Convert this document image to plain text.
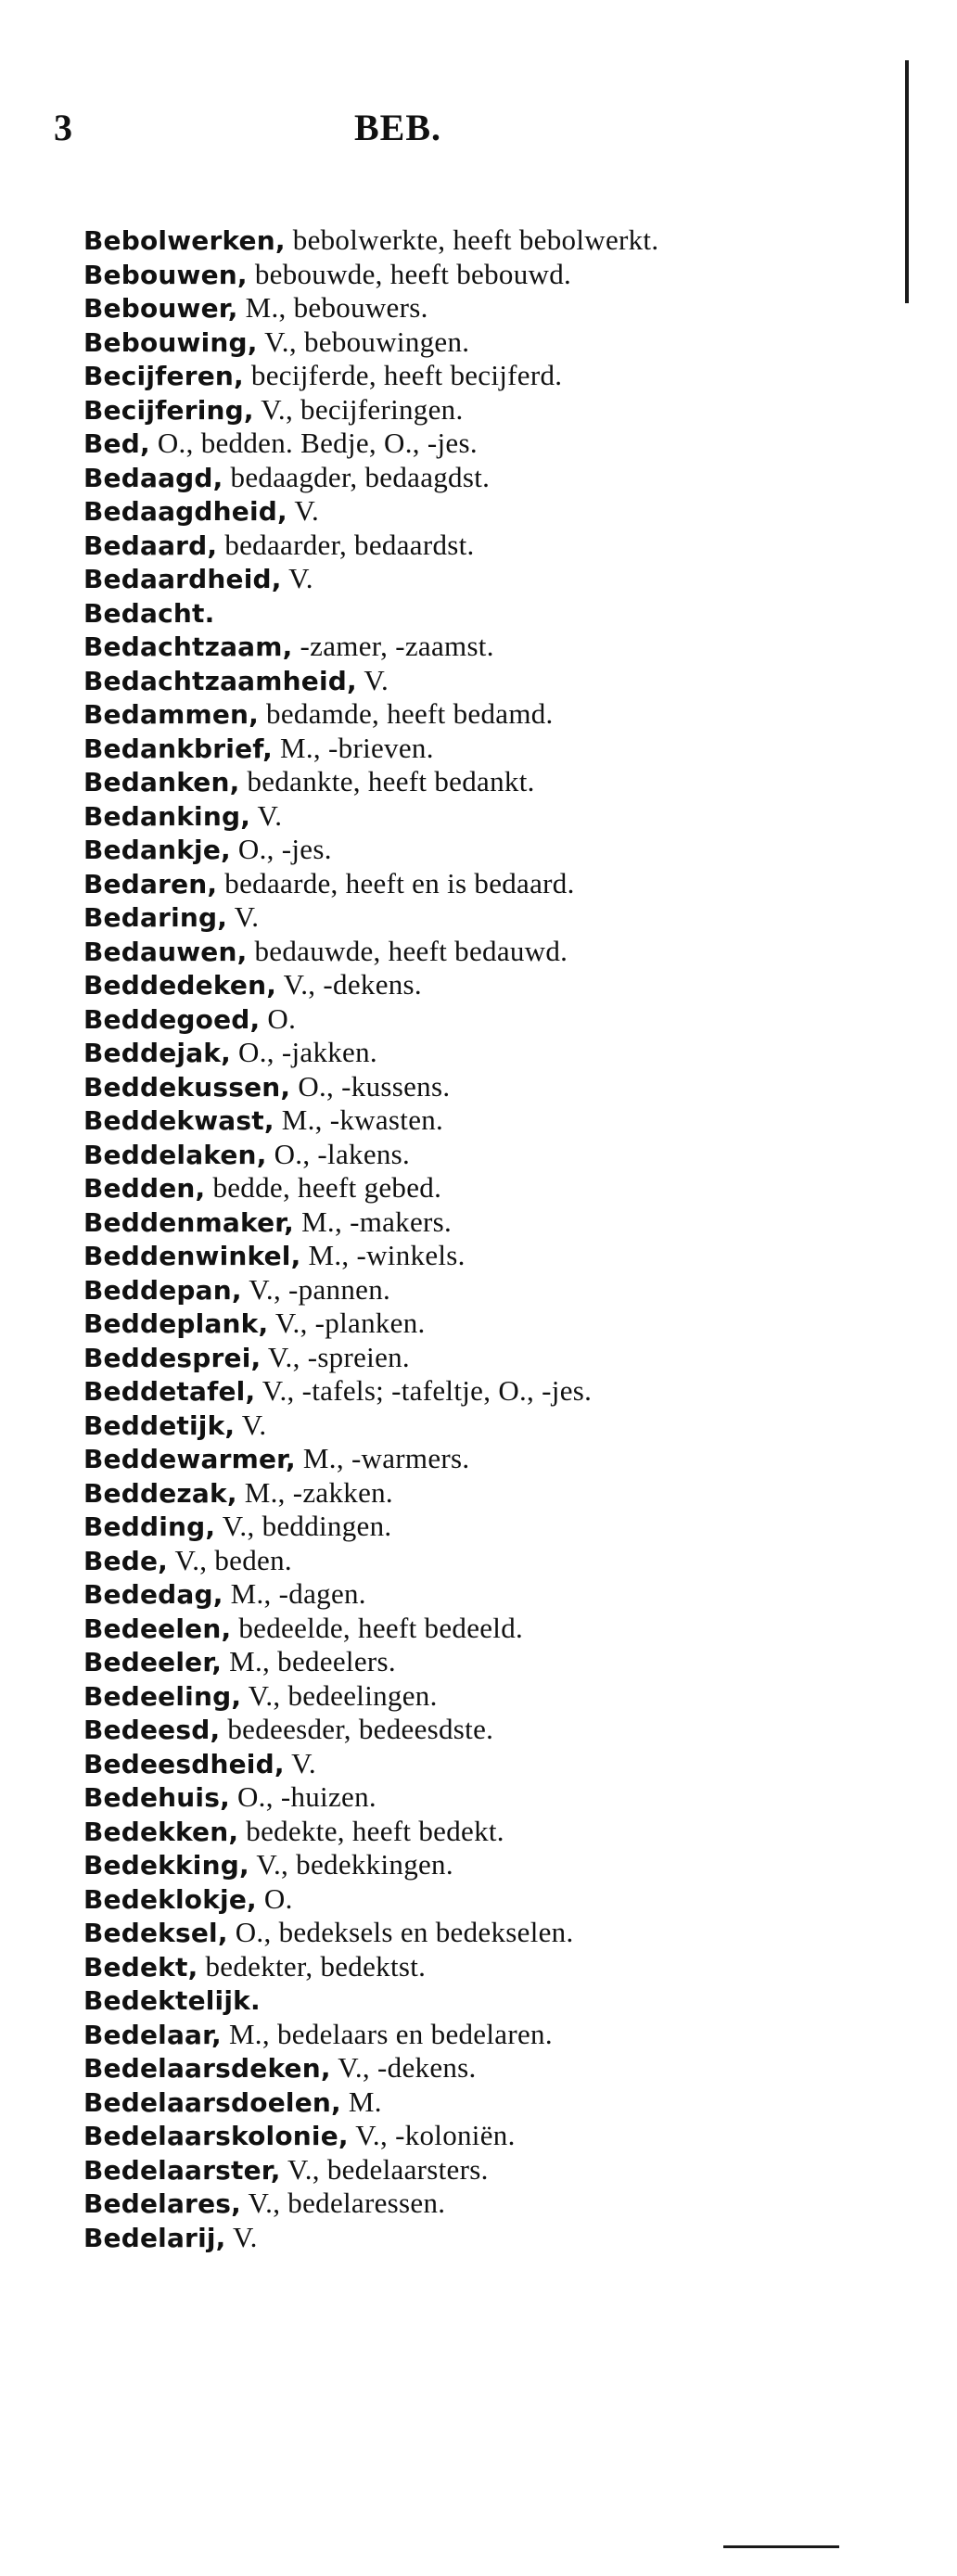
3	BEB.
Bebolwerken, bebolwerkte, heeft bebolwerkt.
Bebouwen, bebouwde, heeft bebouwd.
Bebouwer, M., bebouwers.
Bebouwing, V., bebouwingen.
Becijferen, becijferde, heeft becijferd.
Becijfering, V., becijferingen.
Bed, O., bedden. Bedje, O., -jes.
Bedaagd, bedaagder, bedaagdst.
Bedaagdheid, V.
Bedaard, bedaarder, bedaardst.
Bedaardheid, V.
Bedacht.
Bedachtzaam, -zamer, -zaamst.
Bedachtzaamheid, V.
Bedammen, bedamde, heeft bedamd.
Bedankbrief, M., -brieven.
Bedanken, bedankte, heeft bedankt.
Bedanking, V.
Bedankje, O., -jes.
Bedaren, bedaarde, heeft en is bedaard.
Bedaring, V.
Bedauwen, bedauwde, heeft bedauwd.
Beddedeken, V., -dekens.
Beddegoed, O.
Beddejak, O., -jakken.
Beddekussen, O., -kussens.
Beddekwast, M., -kwasten.
Beddelaken, O., -lakens.
Bedden, bedde, heeft gebed.
Beddenmaker, M., -makers.
Beddenwinkel, M., -winkels.
Beddepan, V., -pannen.
Beddeplank, V., -planken.
Beddesprei, V., -spreien.
Beddetafel, V., -tafels; -tafeltje, O., -jes.
Beddetijk, V.
Beddewarmer, M., -warmers.
Beddezak, M., -zakken.
Bedding, V., beddingen.
Bede, V., beden.
Bededag, M., -dagen.
Bedeelen, bedeelde, heeft bedeeld.
Bedeeler, M., bedeelers.
Bedeeling, V., bedeelingen.
Bedeesd, bedeesder, bedeesdste.
Bedeesdheid, V.
Bedehuis, O., -huizen.
Bedekken, bedekte, heeft bedekt.
Bedekking, V., bedekkingen.
Bedeklokje, O.
Bedeksel, O., bedeksels en bedekselen.
Bedekt, bedekter, bedektst.
Bedektelijk.
Bedelaar, M., bedelaars en bedelaren.
Bedelaarsdeken, V., -dekens.
Bedelaarsdoelen, M.
Bedelaarskolonie, V., -koloniën.
Bedelaarster, V., bedelaarsters.
Bedelares, V., bedelaressen.
Bedelarij, V.
